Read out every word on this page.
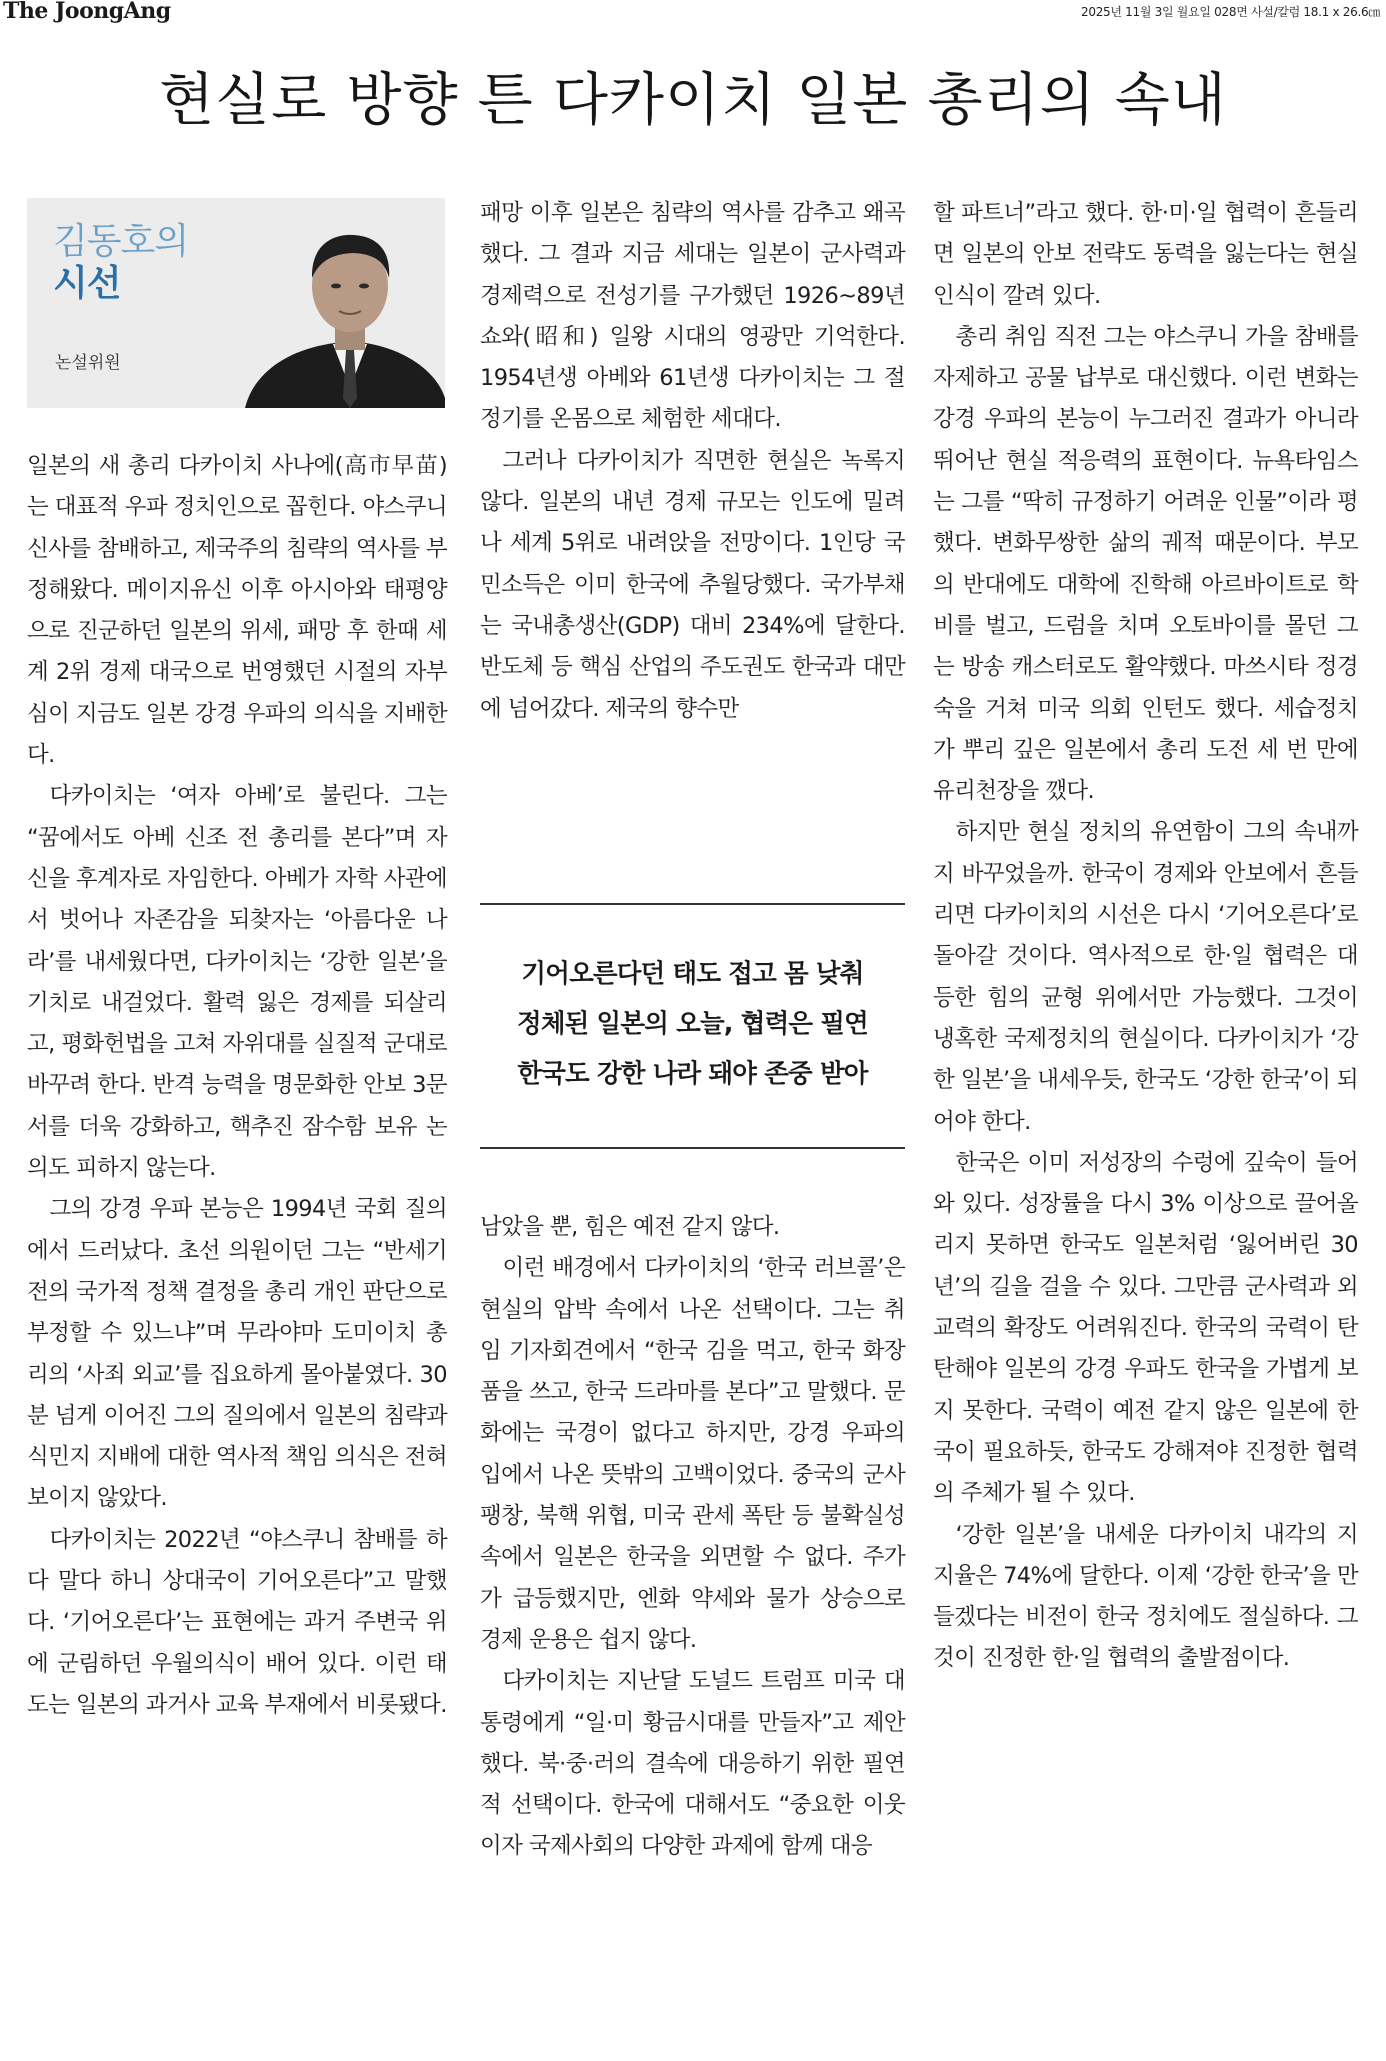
The JoongAng	2025년 11월 3일 월요일 028면 사설/칼럼 18.1 x 26.6㎝
현실로 방향 튼 다카이치 일본 총리의 속내
김동호의
시선
논설위원

일본의 새 총리 다카이치 사나에(高市早苗)는 대표적 우파 정치인으로 꼽힌다. 야스쿠니 신사를 참배하고, 제국주의 침략의 역사를 부정해왔다. 메이지유신 이후 아시아와 태평양으로 진군하던 일본의 위세, 패망 후 한때 세계 2위 경제 대국으로 번영했던 시절의 자부심이 지금도 일본 강경 우파의 의식을 지배한다.

다카이치는 ‘여자 아베’로 불린다. 그는 “꿈에서도 아베 신조 전 총리를 본다”며 자신을 후계자로 자임한다. 아베가 자학 사관에서 벗어나 자존감을 되찾자는 ‘아름다운 나라’를 내세웠다면, 다카이치는 ‘강한 일본’을 기치로 내걸었다. 활력 잃은 경제를 되살리고, 평화헌법을 고쳐 자위대를 실질적 군대로 바꾸려 한다. 반격 능력을 명문화한 안보 3문서를 더욱 강화하고, 핵추진 잠수함 보유 논의도 피하지 않는다.

그의 강경 우파 본능은 1994년 국회 질의에서 드러났다. 초선 의원이던 그는 “반세기 전의 국가적 정책 결정을 총리 개인 판단으로 부정할 수 있느냐”며 무라야마 도미이치 총리의 ‘사죄 외교’를 집요하게 몰아붙였다. 30분 넘게 이어진 그의 질의에서 일본의 침략과 식민지 지배에 대한 역사적 책임 의식은 전혀 보이지 않았다.

다카이치는 2022년 “야스쿠니 참배를 하다 말다 하니 상대국이 기어오른다”고 말했다. ‘기어오른다’는 표현에는 과거 주변국 위에 군림하던 우월의식이 배어 있다. 이런 태도는 일본의 과거사 교육 부재에서 비롯됐다.

패망 이후 일본은 침략의 역사를 감추고 왜곡했다. 그 결과 지금 세대는 일본이 군사력과 경제력으로 전성기를 구가했던 1926~89년 쇼와(昭和) 일왕 시대의 영광만 기억한다. 1954년생 아베와 61년생 다카이치는 그 절정기를 온몸으로 체험한 세대다.

그러나 다카이치가 직면한 현실은 녹록지 않다. 일본의 내년 경제 규모는 인도에 밀려나 세계 5위로 내려앉을 전망이다. 1인당 국민소득은 이미 한국에 추월당했다. 국가부채는 국내총생산(GDP) 대비 234%에 달한다. 반도체 등 핵심 산업의 주도권도 한국과 대만에 넘어갔다. 제국의 향수만

기어오른다던 태도 접고 몸 낮춰
정체된 일본의 오늘, 협력은 필연
한국도 강한 나라 돼야 존중 받아

남았을 뿐, 힘은 예전 같지 않다.

이런 배경에서 다카이치의 ‘한국 러브콜’은 현실의 압박 속에서 나온 선택이다. 그는 취임 기자회견에서 “한국 김을 먹고, 한국 화장품을 쓰고, 한국 드라마를 본다”고 말했다. 문화에는 국경이 없다고 하지만, 강경 우파의 입에서 나온 뜻밖의 고백이었다. 중국의 군사 팽창, 북핵 위협, 미국 관세 폭탄 등 불확실성 속에서 일본은 한국을 외면할 수 없다. 주가가 급등했지만, 엔화 약세와 물가 상승으로 경제 운용은 쉽지 않다.

다카이치는 지난달 도널드 트럼프 미국 대통령에게 “일·미 황금시대를 만들자”고 제안했다. 북·중·러의 결속에 대응하기 위한 필연적 선택이다. 한국에 대해서도 “중요한 이웃이자 국제사회의 다양한 과제에 함께 대응

할 파트너”라고 했다. 한·미·일 협력이 흔들리면 일본의 안보 전략도 동력을 잃는다는 현실 인식이 깔려 있다.

총리 취임 직전 그는 야스쿠니 가을 참배를 자제하고 공물 납부로 대신했다. 이런 변화는 강경 우파의 본능이 누그러진 결과가 아니라 뛰어난 현실 적응력의 표현이다. 뉴욕타임스는 그를 “딱히 규정하기 어려운 인물”이라 평했다. 변화무쌍한 삶의 궤적 때문이다. 부모의 반대에도 대학에 진학해 아르바이트로 학비를 벌고, 드럼을 치며 오토바이를 몰던 그는 방송 캐스터로도 활약했다. 마쓰시타 정경숙을 거쳐 미국 의회 인턴도 했다. 세습정치가 뿌리 깊은 일본에서 총리 도전 세 번 만에 유리천장을 깼다.

하지만 현실 정치의 유연함이 그의 속내까지 바꾸었을까. 한국이 경제와 안보에서 흔들리면 다카이치의 시선은 다시 ‘기어오른다’로 돌아갈 것이다. 역사적으로 한·일 협력은 대등한 힘의 균형 위에서만 가능했다. 그것이 냉혹한 국제정치의 현실이다. 다카이치가 ‘강한 일본’을 내세우듯, 한국도 ‘강한 한국’이 되어야 한다.

한국은 이미 저성장의 수렁에 깊숙이 들어와 있다. 성장률을 다시 3% 이상으로 끌어올리지 못하면 한국도 일본처럼 ‘잃어버린 30년’의 길을 걸을 수 있다. 그만큼 군사력과 외교력의 확장도 어려워진다. 한국의 국력이 탄탄해야 일본의 강경 우파도 한국을 가볍게 보지 못한다. 국력이 예전 같지 않은 일본에 한국이 필요하듯, 한국도 강해져야 진정한 협력의 주체가 될 수 있다.

‘강한 일본’을 내세운 다카이치 내각의 지지율은 74%에 달한다. 이제 ‘강한 한국’을 만들겠다는 비전이 한국 정치에도 절실하다. 그것이 진정한 한·일 협력의 출발점이다.
